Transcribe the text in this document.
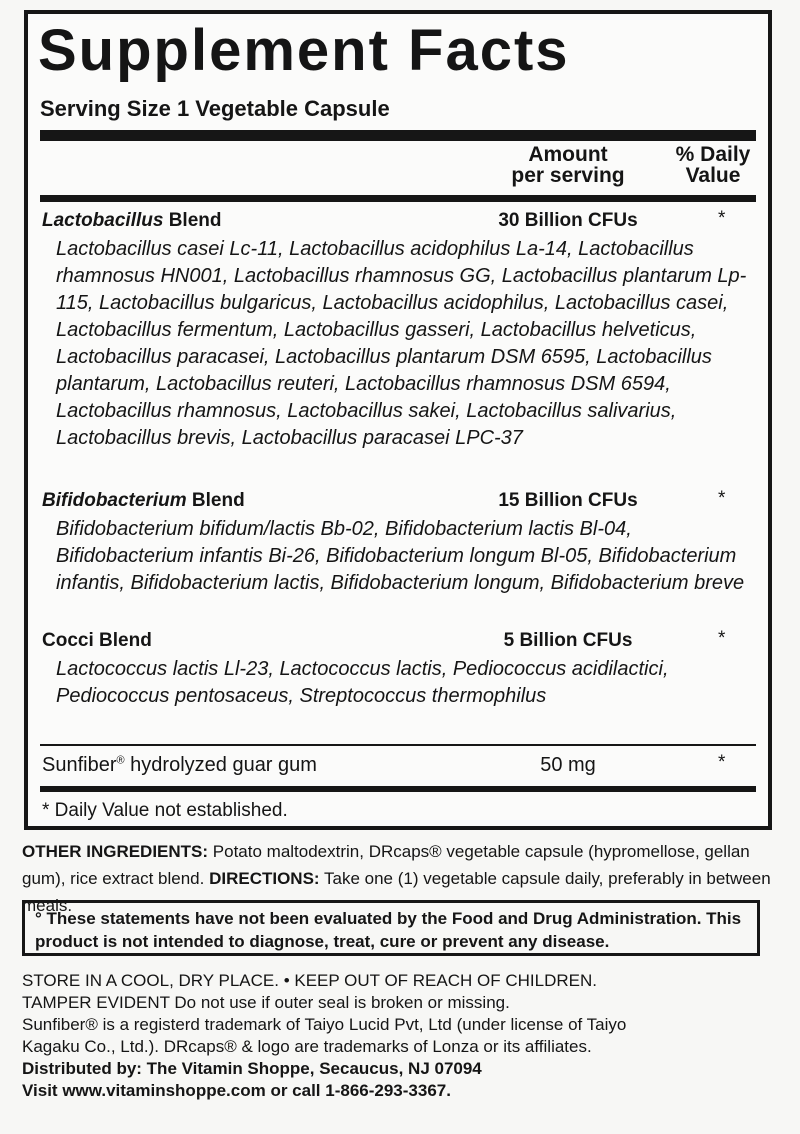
Supplement Facts
Serving Size 1 Vegetable Capsule
Amount
per serving
% Daily
Value
Lactobacillus Blend	30 Billion CFUs	*
Lactobacillus casei Lc-11, Lactobacillus acidophilus La-14, Lactobacillus rhamnosus HN001, Lactobacillus rhamnosus GG, Lactobacillus plantarum Lp-115, Lactobacillus bulgaricus, Lactobacillus acidophilus, Lactobacillus casei, Lactobacillus fermentum, Lactobacillus gasseri, Lactobacillus helveticus, Lactobacillus paracasei, Lactobacillus plantarum DSM 6595, Lactobacillus plantarum, Lactobacillus reuteri, Lactobacillus rhamnosus DSM 6594, Lactobacillus rhamnosus, Lactobacillus sakei, Lactobacillus salivarius, Lactobacillus brevis, Lactobacillus paracasei LPC-37
Bifidobacterium Blend	15 Billion CFUs	*
Bifidobacterium bifidum/lactis Bb-02, Bifidobacterium lactis Bl-04, Bifidobacterium infantis Bi-26, Bifidobacterium longum Bl-05, Bifidobacterium infantis, Bifidobacterium lactis, Bifidobacterium longum, Bifidobacterium breve
Cocci Blend	5 Billion CFUs	*
Lactococcus lactis Ll-23, Lactococcus lactis, Pediococcus acidilactici, Pediococcus pentosaceus, Streptococcus thermophilus
Sunfiber® hydrolyzed guar gum	50 mg	*
* Daily Value not established.
OTHER INGREDIENTS: Potato maltodextrin, DRcaps® vegetable capsule (hypromellose, gellan gum), rice extract blend. DIRECTIONS: Take one (1) vegetable capsule daily, preferably in between meals.
° These statements have not been evaluated by the Food and Drug Administration. This product is not intended to diagnose, treat, cure or prevent any disease.
STORE IN A COOL, DRY PLACE. • KEEP OUT OF REACH OF CHILDREN.
TAMPER EVIDENT Do not use if outer seal is broken or missing.
Sunfiber® is a registerd trademark of Taiyo Lucid Pvt, Ltd (under license of Taiyo
Kagaku Co., Ltd.). DRcaps® & logo are trademarks of Lonza or its affiliates.
Distributed by: The Vitamin Shoppe, Secaucus, NJ 07094
Visit www.vitaminshoppe.com or call 1-866-293-3367.
